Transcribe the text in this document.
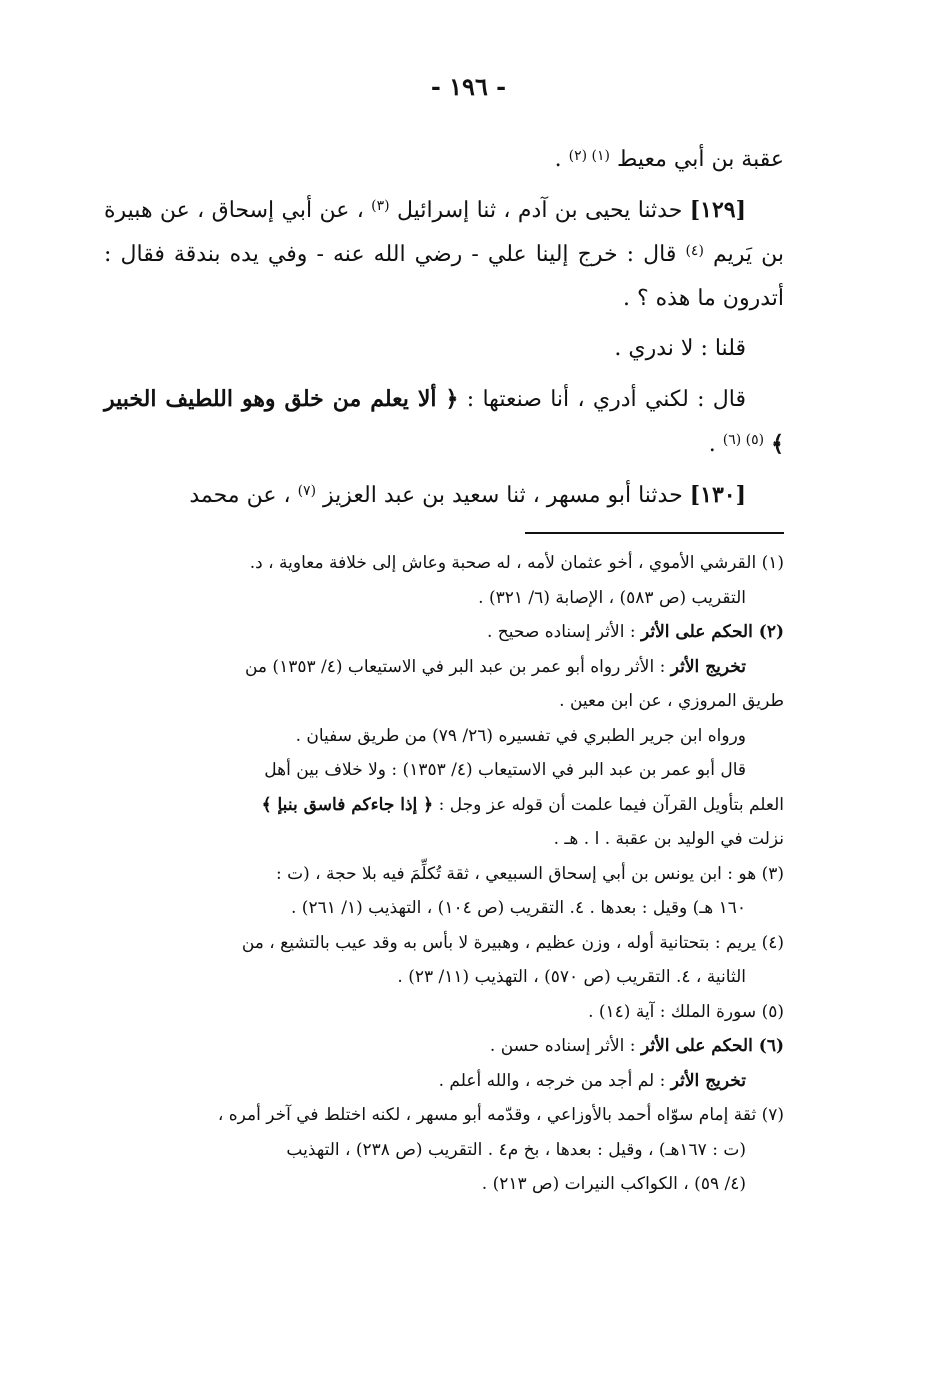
- ١٩٦ -

عقبة بن أبي معيط $^{(١) (٢)}$ .

[١٢٩] حدثنا يحيى بن آدم ، ثنا إسرائيل $^{(٣)}$ ، عن أبي إسحاق ، عن هبيرة بن يَريم $^{(٤)}$ قال : خرج إلينا علي - رضي الله عنه - وفي يده بندقة فقال : أتدرون ما هذه ؟ .

قلنا : لا ندري .

قال : لكني أدري ، أنا صنعتها : ﴿ ألا يعلم من خلق وهو اللطيف الخبير ﴾ $^{(٥) (٦)}$ .

[١٣٠] حدثنا أبو مسهر ، ثنا سعيد بن عبد العزيز $^{(٧)}$ ، عن محمد

(١) القرشي الأموي ، أخو عثمان لأمه ، له صحبة وعاش إلى خلافة معاوية ، د.
التقريب (ص ٥٨٣) ، الإصابة (٦/ ٣٢١) .
(٢) الحكم على الأثر : الأثر إسناده صحيح .
تخريج الأثر : الأثر رواه أبو عمر بن عبد البر في الاستيعاب (٤/ ١٣٥٣) من
طريق المروزي ، عن ابن معين .
ورواه ابن جرير الطبري في تفسيره (٢٦/ ٧٩) من طريق سفيان .
قال أبو عمر بن عبد البر في الاستيعاب (٤/ ١٣٥٣) : ولا خلاف بين أهل
العلم بتأويل القرآن فيما علمت أن قوله عز وجل : ﴿ إذا جاءكم فاسق بنبإ ﴾
نزلت في الوليد بن عقبة . ا . هـ .
(٣) هو : ابن يونس بن أبي إسحاق السبيعي ، ثقة تُكلِّمَ فيه بلا حجة ، (ت :
١٦٠ هـ) وقيل : بعدها . ٤. التقريب (ص ١٠٤) ، التهذيب (١/ ٢٦١) .
(٤) يريم : بتحتانية أوله ، وزن عظيم ، وهبيرة لا بأس به وقد عيب بالتشيع ، من
الثانية ، ٤. التقريب (ص ٥٧٠) ، التهذيب (١١/ ٢٣) .
(٥) سورة الملك : آية (١٤) .
(٦) الحكم على الأثر : الأثر إسناده حسن .
تخريج الأثر : لم أجد من خرجه ، والله أعلم .
(٧) ثقة إمام سوّاه أحمد بالأوزاعي ، وقدّمه أبو مسهر ، لكنه اختلط في آخر أمره ،
(ت : ١٦٧هـ) ، وقيل : بعدها ، بخ م٤ . التقريب (ص ٢٣٨) ، التهذيب
(٤/ ٥٩) ، الكواكب النيرات (ص ٢١٣) .
